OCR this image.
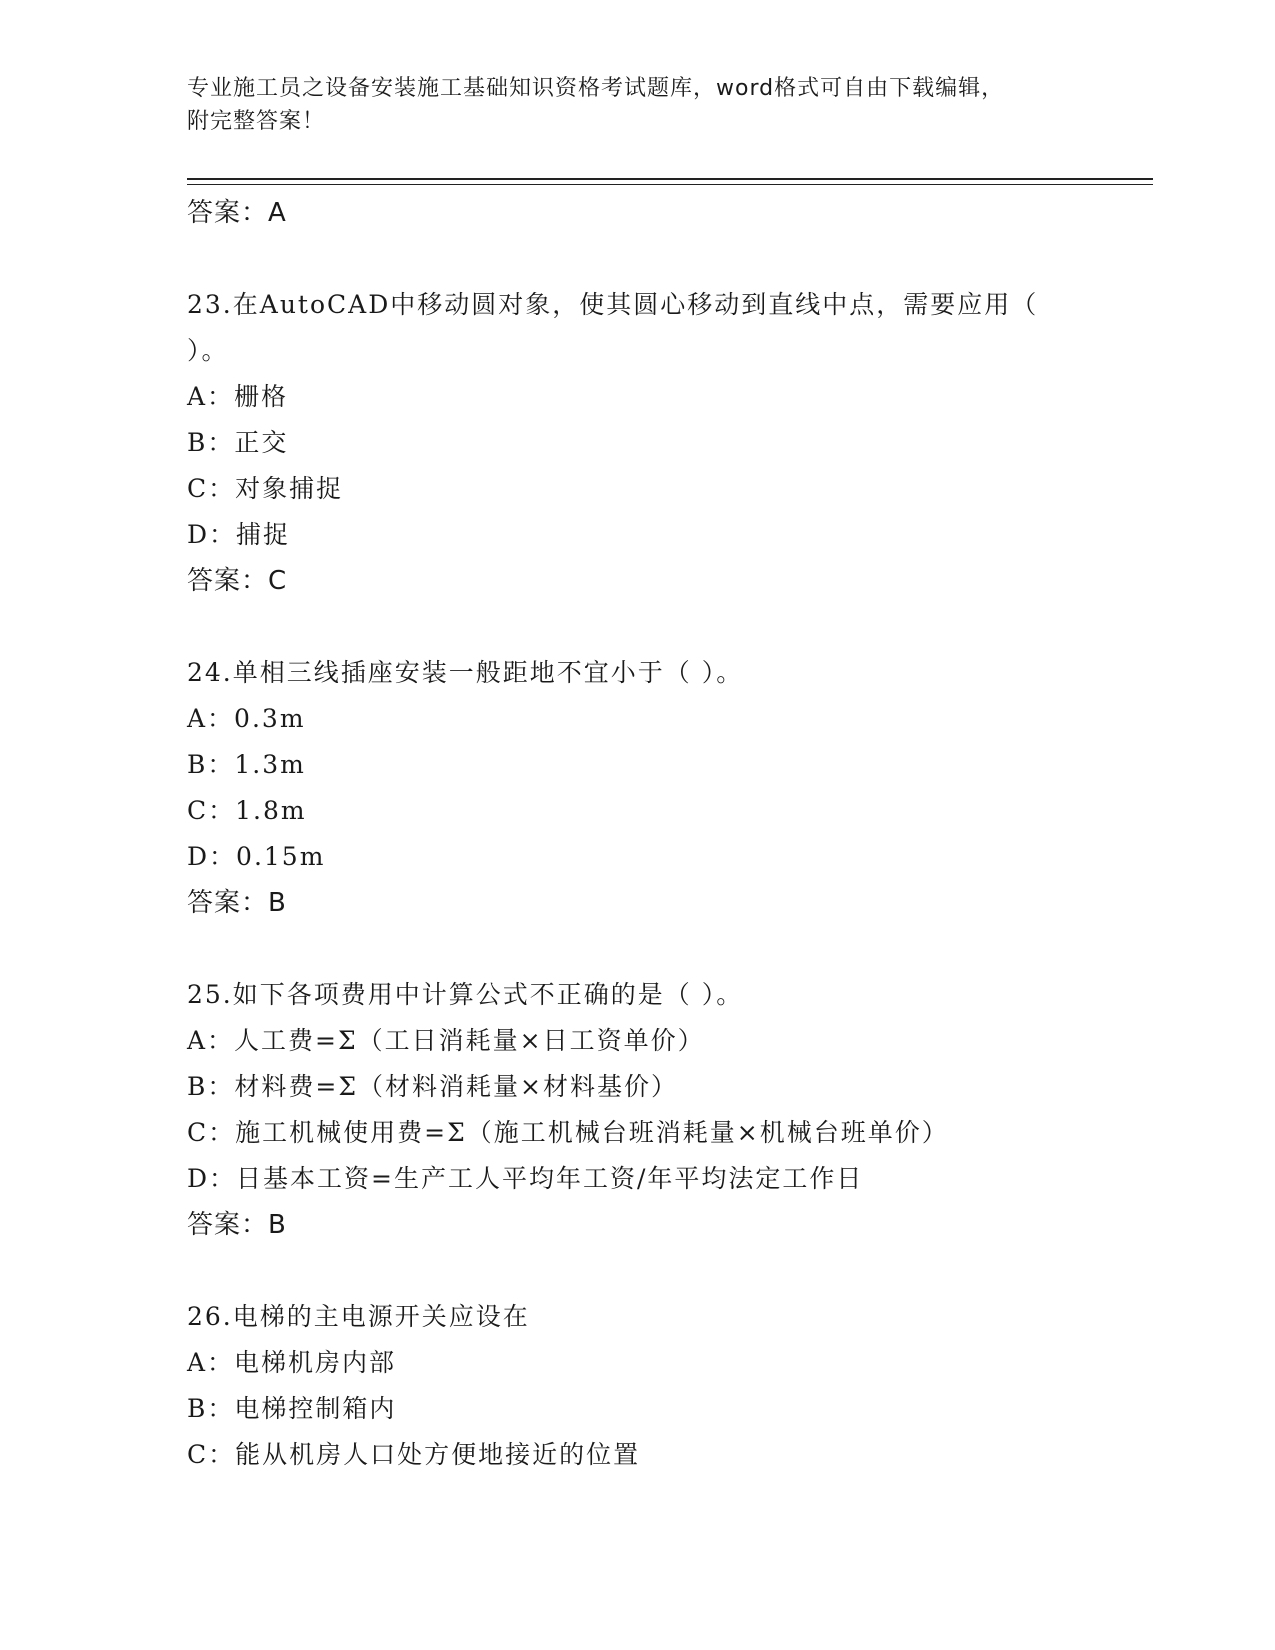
专业施工员之设备安装施工基础知识资格考试题库，word格式可自由下载编辑，
附完整答案！

答案：A

23.在AutoCAD中移动圆对象，使其圆心移动到直线中点，需要应用（

）。

A：栅格

B：正交

C：对象捕捉

D：捕捉

答案：C

24.单相三线插座安装一般距地不宜小于（ ）。

A：0.3m

B：1.3m

C：1.8m

D：0.15m

答案：B

25.如下各项费用中计算公式不正确的是（ ）。

A：人工费=Σ（工日消耗量×日工资单价）

B：材料费=Σ（材料消耗量×材料基价）

C：施工机械使用费=Σ（施工机械台班消耗量×机械台班单价）

D：日基本工资=生产工人平均年工资/年平均法定工作日

答案：B

26.电梯的主电源开关应设在

A：电梯机房内部

B：电梯控制箱内

C：能从机房人口处方便地接近的位置
